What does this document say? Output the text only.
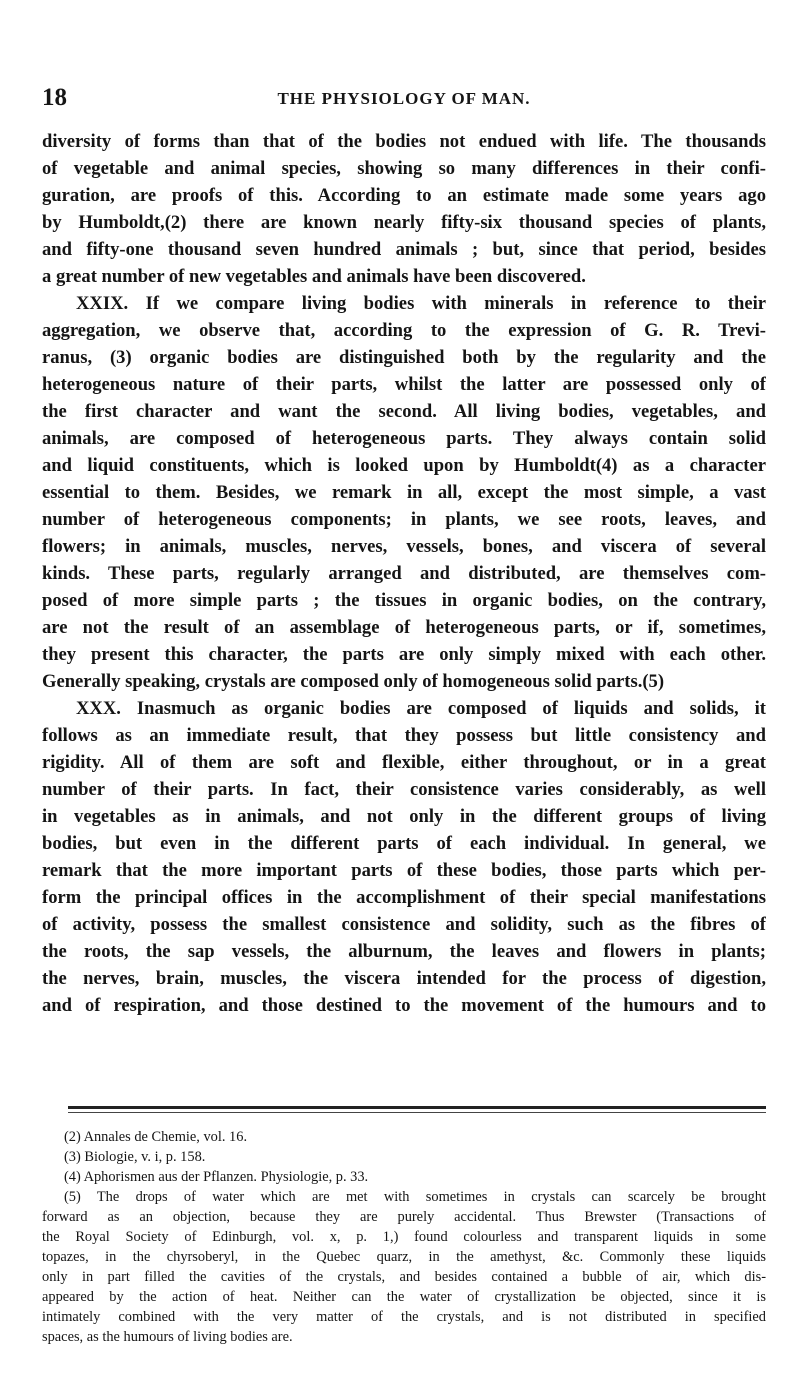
18	THE PHYSIOLOGY OF MAN.
diversity of forms than that of the bodies not endued with life. The thousands
of vegetable and animal species, showing so many differences in their confi-
guration, are proofs of this. According to an estimate made some years ago
by Humboldt,(2) there are known nearly fifty-six thousand species of plants,
and fifty-one thousand seven hundred animals ; but, since that period, besides
a great number of new vegetables and animals have been discovered.
XXIX. If we compare living bodies with minerals in reference to their
aggregation, we observe that, according to the expression of G. R. Trevi-
ranus, (3) organic bodies are distinguished both by the regularity and the
heterogeneous nature of their parts, whilst the latter are possessed only of
the first character and want the second. All living bodies, vegetables, and
animals, are composed of heterogeneous parts. They always contain solid
and liquid constituents, which is looked upon by Humboldt(4) as a character
essential to them. Besides, we remark in all, except the most simple, a vast
number of heterogeneous components; in plants, we see roots, leaves, and
flowers; in animals, muscles, nerves, vessels, bones, and viscera of several
kinds. These parts, regularly arranged and distributed, are themselves com-
posed of more simple parts ; the tissues in organic bodies, on the contrary,
are not the result of an assemblage of heterogeneous parts, or if, sometimes,
they present this character, the parts are only simply mixed with each other.
Generally speaking, crystals are composed only of homogeneous solid parts.(5)
XXX. Inasmuch as organic bodies are composed of liquids and solids, it
follows as an immediate result, that they possess but little consistency and
rigidity. All of them are soft and flexible, either throughout, or in a great
number of their parts. In fact, their consistence varies considerably, as well
in vegetables as in animals, and not only in the different groups of living
bodies, but even in the different parts of each individual. In general, we
remark that the more important parts of these bodies, those parts which per-
form the principal offices in the accomplishment of their special manifestations
of activity, possess the smallest consistence and solidity, such as the fibres of
the roots, the sap vessels, the alburnum, the leaves and flowers in plants;
the nerves, brain, muscles, the viscera intended for the process of digestion,
and of respiration, and those destined to the movement of the humours and to
(2) Annales de Chemie, vol. 16.
(3) Biologie, v. i, p. 158.
(4) Aphorismen aus der Pflanzen. Physiologie, p. 33.
(5) The drops of water which are met with sometimes in crystals can scarcely be brought
forward as an objection, because they are purely accidental. Thus Brewster (Transactions of
the Royal Society of Edinburgh, vol. x, p. 1,) found colourless and transparent liquids in some
topazes, in the chyrsoberyl, in the Quebec quarz, in the amethyst, &c. Commonly these liquids
only in part filled the cavities of the crystals, and besides contained a bubble of air, which dis-
appeared by the action of heat. Neither can the water of crystallization be objected, since it is
intimately combined with the very matter of the crystals, and is not distributed in specified
spaces, as the humours of living bodies are.
